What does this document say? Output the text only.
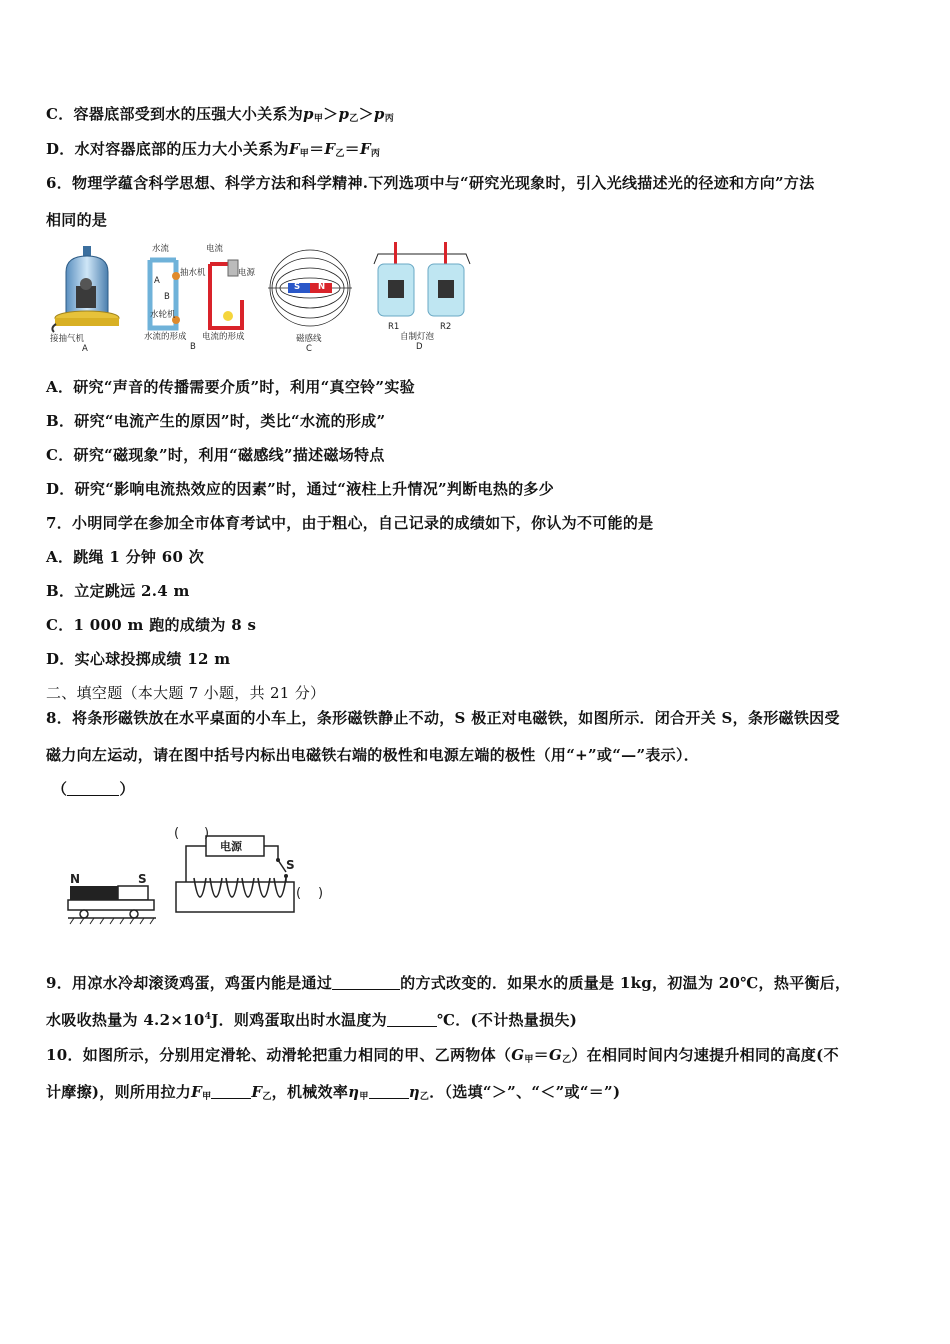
C．容器底部受到水的压强大小关系为$p_甲>p_乙>p_丙$
D．水对容器底部的压力大小关系为$F_甲=F_乙=F_丙$
6．物理学蕴含科学思想、科学方法和科学精神.下列选项中与“研究光现象时，引入光线描述光的径迹和方向”方法
相同的是
接抽气机
A
水流	电流
抽水机	电源
A
B
水轮机
水流的形成 电流的形成
B
S N
磁感线
C
R1	R2
自制灯泡
D
A．研究“声音的传播需要介质”时，利用“真空铃”实验
B．研究“电流产生的原因”时，类比“水流的形成”
C．研究“磁现象”时，利用“磁感线”描述磁场特点
D．研究“影响电流热效应的因素”时，通过“液柱上升情况”判断电热的多少
7．小明同学在参加全市体育考试中，由于粗心，自己记录的成绩如下，你认为不可能的是
A．跳绳 1 分钟 60 次
B．立定跳远 2.4 m
C．1 000 m 跑的成绩为 8 s
D．实心球投掷成绩 12 m
二、填空题（本大题 7 小题，共 21 分）
8．将条形磁铁放在水平桌面的小车上，条形磁铁静止不动，S 极正对电磁铁，如图所示．闭合开关 S，条形磁铁因受
磁力向左运动，请在图中括号内标出电磁铁右端的极性和电源左端的极性（用“+”或“—”表示）．
（	）
电源
S
N	S
( )
( )
9．用凉水冷却滚烫鸡蛋，鸡蛋内能是通过	的方式改变的．如果水的质量是 1kg，初温为 20℃，热平衡后，
水吸收热量为 $4.2\times 10^4J$．则鸡蛋取出时水温度为	℃．(不计热量损失)
10．如图所示，分别用定滑轮、动滑轮把重力相同的甲、乙两物体$(G_甲=G_乙)$在相同时间内匀速提升相同的高度(不
计摩擦)，则所用拉力$F_甲$	$F_乙$，机械效率$\eta_甲$	$\eta_乙$．（选填“＞”、“＜”或“＝”)
